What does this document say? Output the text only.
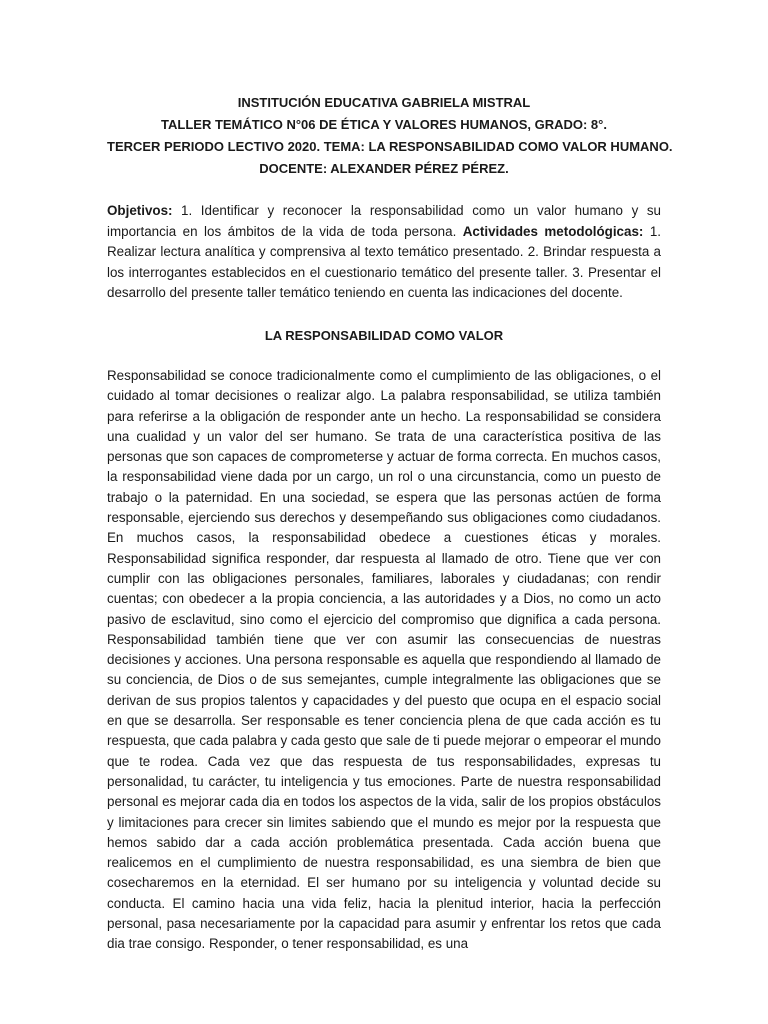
INSTITUCIÓN EDUCATIVA GABRIELA MISTRAL
TALLER TEMÁTICO N°06 DE ÉTICA Y VALORES HUMANOS, GRADO: 8°.
TERCER PERIODO LECTIVO 2020. TEMA: LA RESPONSABILIDAD COMO VALOR HUMANO.
DOCENTE: ALEXANDER PÉREZ PÉREZ.
Objetivos: 1. Identificar y reconocer la responsabilidad como un valor humano y su importancia en los ámbitos de la vida de toda persona. Actividades metodológicas: 1. Realizar lectura analítica y comprensiva al texto temático presentado. 2. Brindar respuesta a los interrogantes establecidos en el cuestionario temático del presente taller. 3. Presentar el desarrollo del presente taller temático teniendo en cuenta las indicaciones del docente.
LA RESPONSABILIDAD COMO VALOR
Responsabilidad se conoce tradicionalmente como el cumplimiento de las obligaciones, o el cuidado al tomar decisiones o realizar algo. La palabra responsabilidad, se utiliza también para referirse a la obligación de responder ante un hecho. La responsabilidad se considera una cualidad y un valor del ser humano. Se trata de una característica positiva de las personas que son capaces de comprometerse y actuar de forma correcta. En muchos casos, la responsabilidad viene dada por un cargo, un rol o una circunstancia, como un puesto de trabajo o la paternidad. En una sociedad, se espera que las personas actúen de forma responsable, ejerciendo sus derechos y desempeñando sus obligaciones como ciudadanos. En muchos casos, la responsabilidad obedece a cuestiones éticas y morales. Responsabilidad significa responder, dar respuesta al llamado de otro. Tiene que ver con cumplir con las obligaciones personales, familiares, laborales y ciudadanas; con rendir cuentas; con obedecer a la propia conciencia, a las autoridades y a Dios, no como un acto pasivo de esclavitud, sino como el ejercicio del compromiso que dignifica a cada persona. Responsabilidad también tiene que ver con asumir las consecuencias de nuestras decisiones y acciones. Una persona responsable es aquella que respondiendo al llamado de su conciencia, de Dios o de sus semejantes, cumple integralmente las obligaciones que se derivan de sus propios talentos y capacidades y del puesto que ocupa en el espacio social en que se desarrolla. Ser responsable es tener conciencia plena de que cada acción es tu respuesta, que cada palabra y cada gesto que sale de ti puede mejorar o empeorar el mundo que te rodea. Cada vez que das respuesta de tus responsabilidades, expresas tu personalidad, tu carácter, tu inteligencia y tus emociones. Parte de nuestra responsabilidad personal es mejorar cada dia en todos los aspectos de la vida, salir de los propios obstáculos y limitaciones para crecer sin limites sabiendo que el mundo es mejor por la respuesta que hemos sabido dar a cada acción problemática presentada. Cada acción buena que realicemos en el cumplimiento de nuestra responsabilidad, es una siembra de bien que cosecharemos en la eternidad. El ser humano por su inteligencia y voluntad decide su conducta. El camino hacia una vida feliz, hacia la plenitud interior, hacia la perfección personal, pasa necesariamente por la capacidad para asumir y enfrentar los retos que cada dia trae consigo. Responder, o tener responsabilidad, es una
